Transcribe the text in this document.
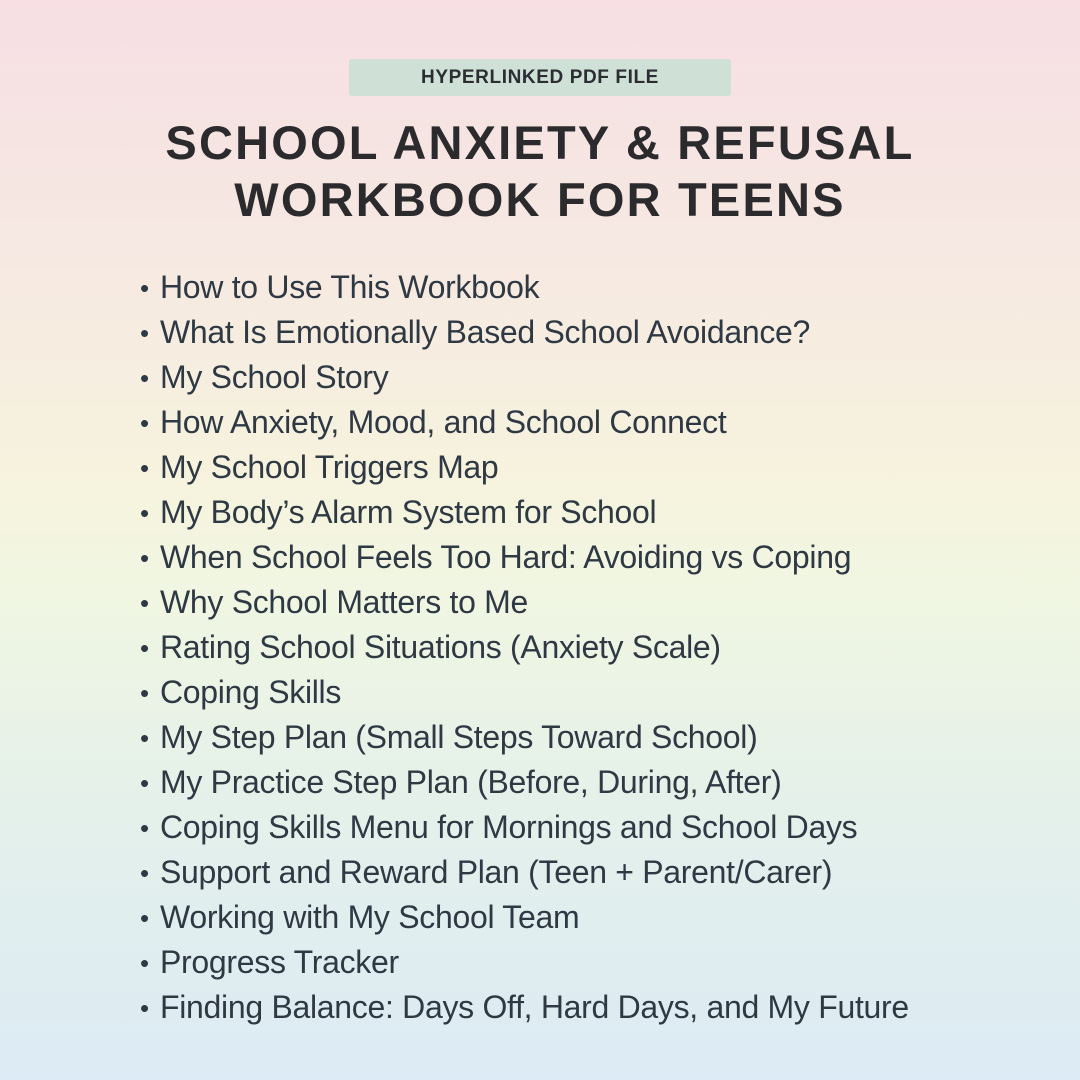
HYPERLINKED PDF FILE
SCHOOL ANXIETY & REFUSAL
WORKBOOK FOR TEENS
• How to Use This Workbook
• What Is Emotionally Based School Avoidance?
• My School Story
• How Anxiety, Mood, and School Connect
• My School Triggers Map
• My Body’s Alarm System for School
• When School Feels Too Hard: Avoiding vs Coping
• Why School Matters to Me
• Rating School Situations (Anxiety Scale)
• Coping Skills
• My Step Plan (Small Steps Toward School)
• My Practice Step Plan (Before, During, After)
• Coping Skills Menu for Mornings and School Days
• Support and Reward Plan (Teen + Parent/Carer)
• Working with My School Team
• Progress Tracker
• Finding Balance: Days Off, Hard Days, and My Future
